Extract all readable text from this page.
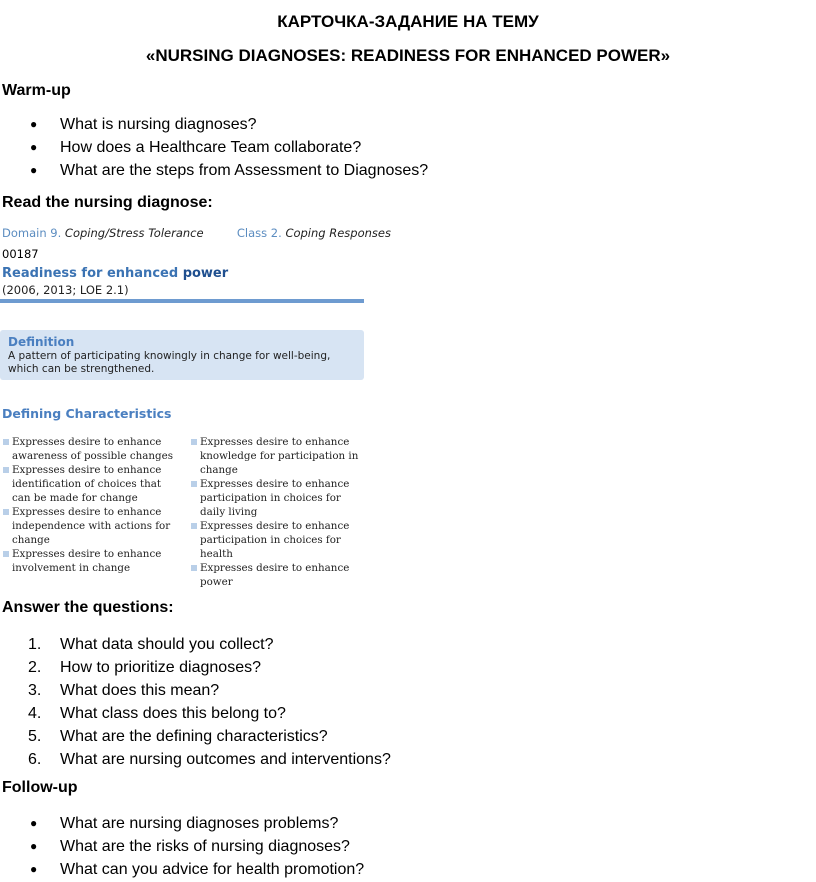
КАРТОЧКА-ЗАДАНИЕ НА ТЕМУ
«NURSING DIAGNOSES: READINESS FOR ENHANCED POWER»
Warm-up
● What is nursing diagnoses?
● How does a Healthcare Team collaborate?
● What are the steps from Assessment to Diagnoses?
Read the nursing diagnose:
Domain 9. Coping/Stress Tolerance	Class 2. Coping Responses
00187
Readiness for enhanced power
(2006, 2013; LOE 2.1)
Definition
A pattern of participating knowingly in change for well-being, which can be strengthened.
Defining Characteristics
Expresses desire to enhance awareness of possible changes
Expresses desire to enhance identification of choices that can be made for change
Expresses desire to enhance independence with actions for change
Expresses desire to enhance involvement in change
Expresses desire to enhance knowledge for participation in change
Expresses desire to enhance participation in choices for daily living
Expresses desire to enhance participation in choices for health
Expresses desire to enhance power
Answer the questions:
1. What data should you collect?
2. How to prioritize diagnoses?
3. What does this mean?
4. What class does this belong to?
5. What are the defining characteristics?
6. What are nursing outcomes and interventions?
Follow-up
● What are nursing diagnoses problems?
● What are the risks of nursing diagnoses?
● What can you advice for health promotion?
